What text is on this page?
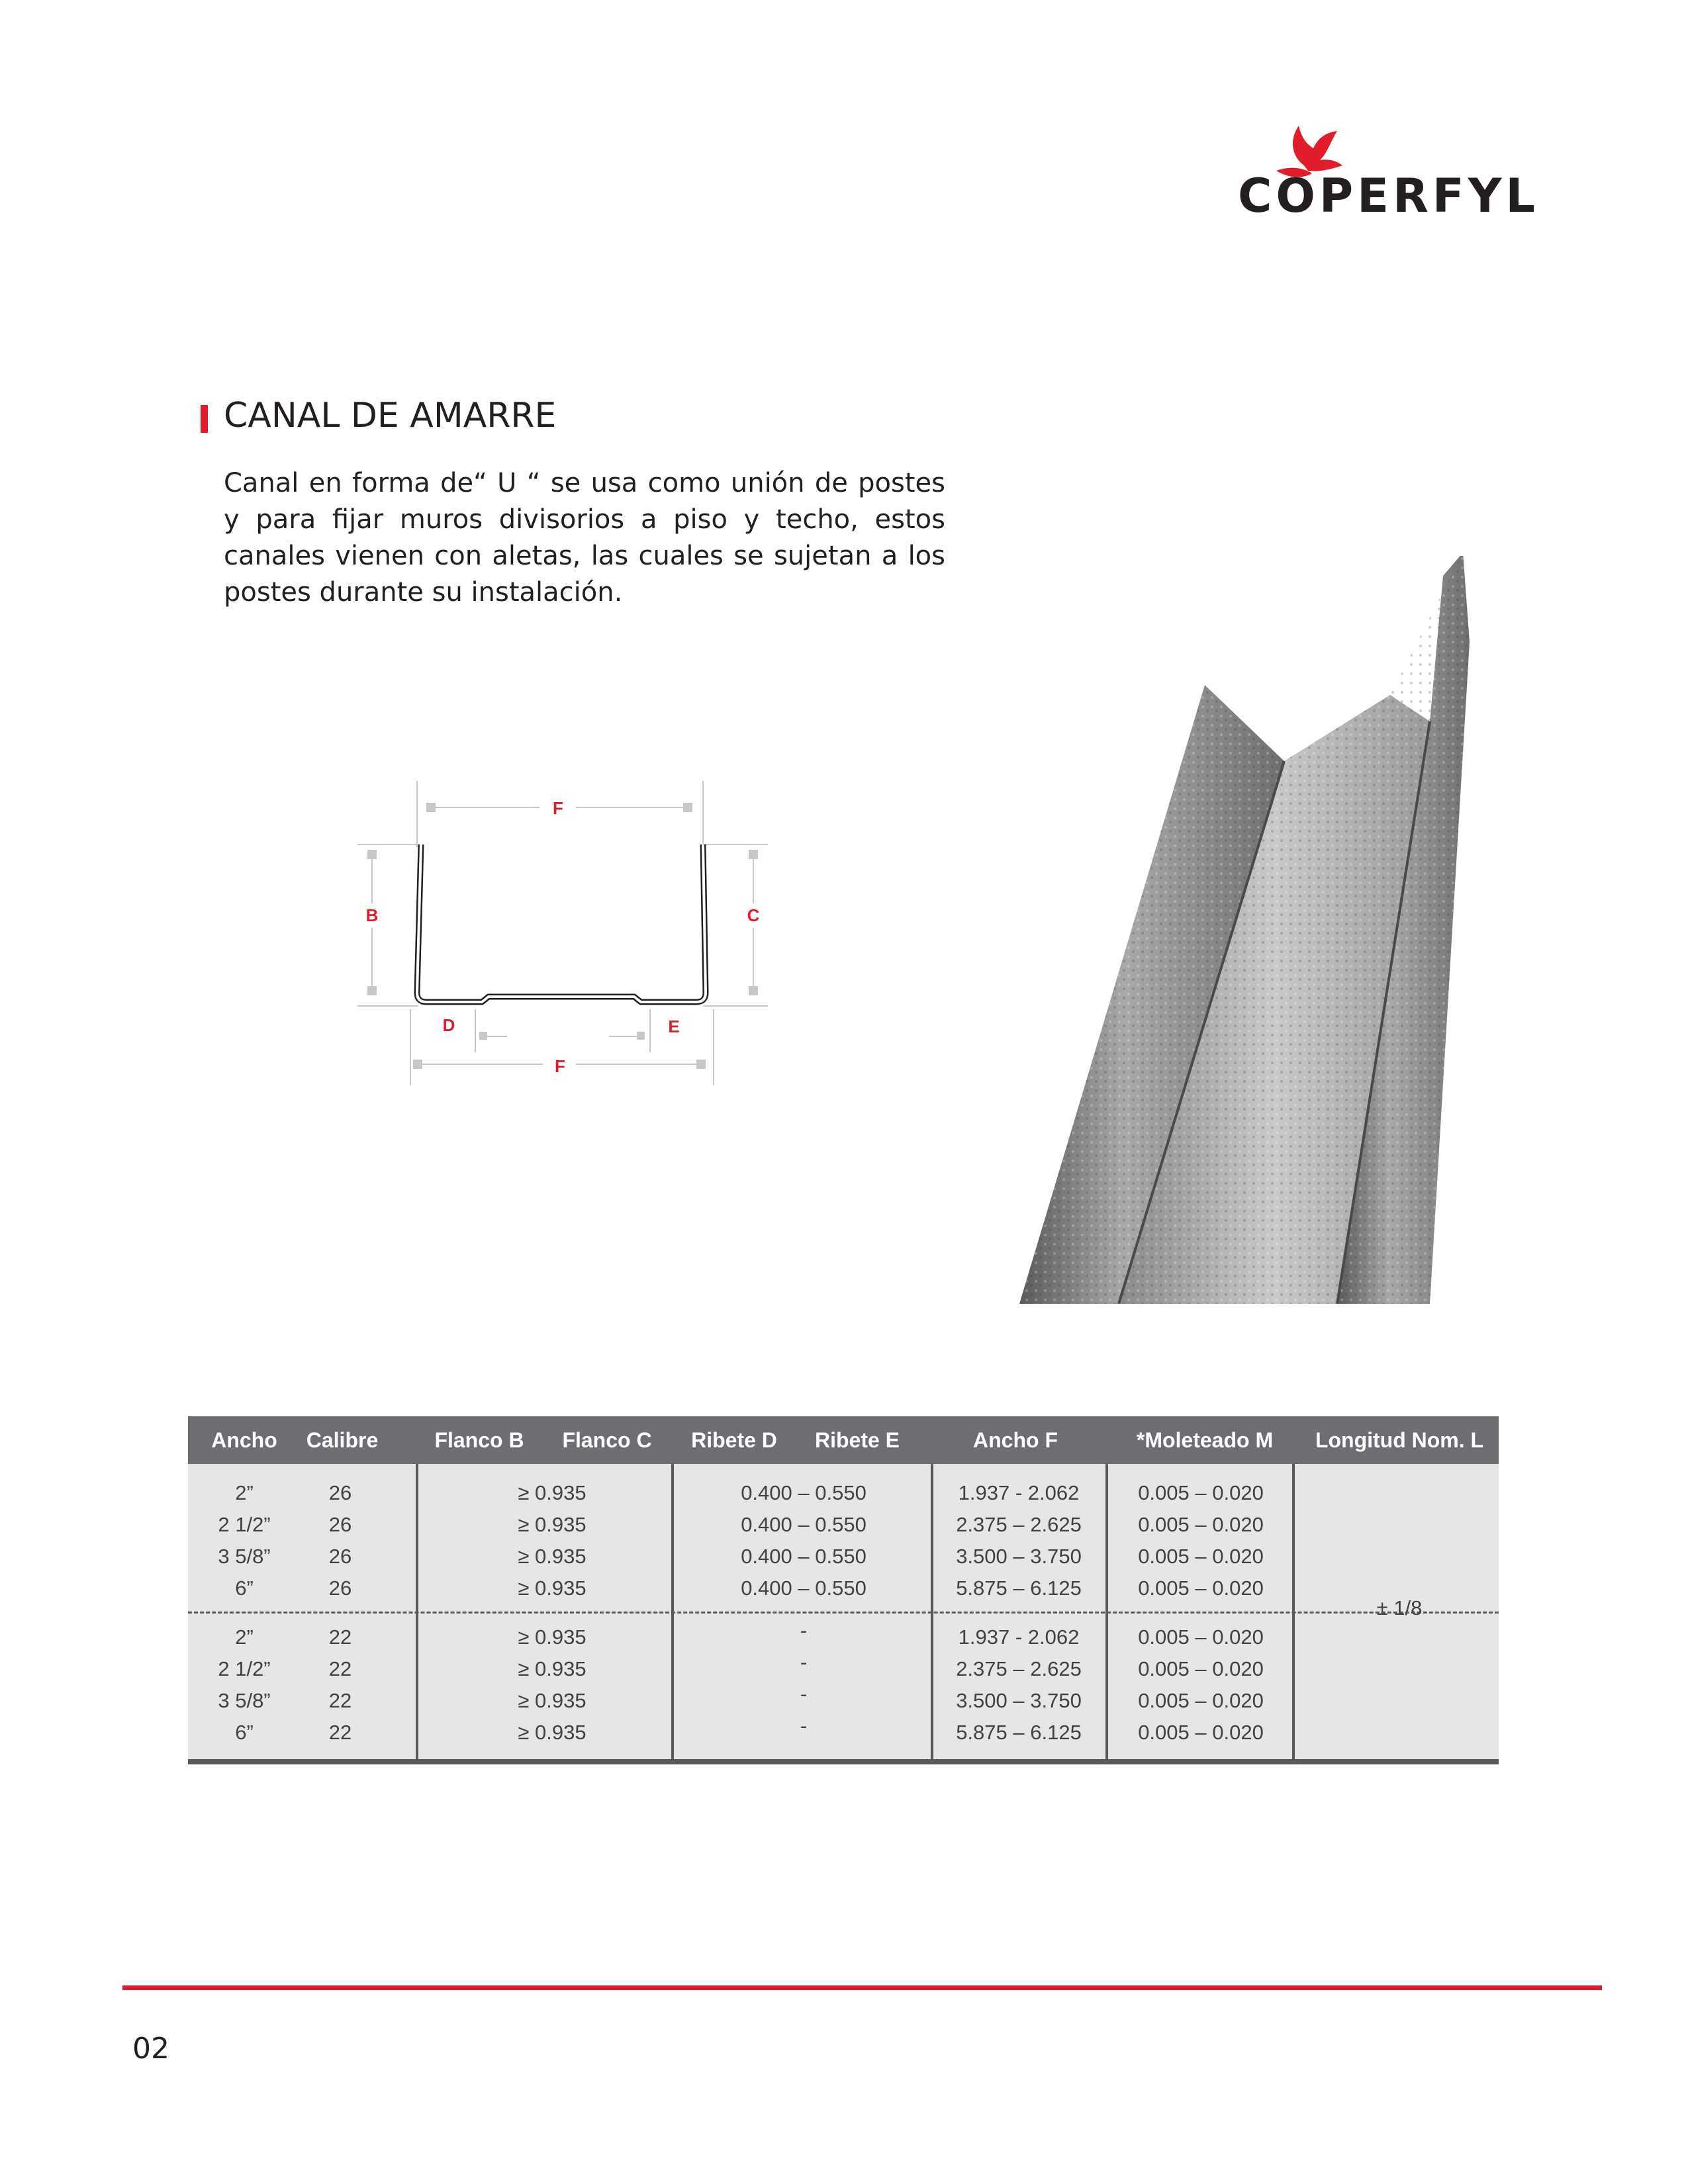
COPERFYL
CANAL DE AMARRE
Canal en forma de“ U “ se usa como unión de postes y para fijar muros divisorios a piso y techo, estos canales vienen con aletas, las cuales se sujetan a los postes durante su instalación.
F
B	C
D	E
F
Ancho	Calibre	Flanco B	Flanco C	Ribete D	Ribete E	Ancho F	*Moleteado M	Longitud Nom. L
2”	26	≥ 0.935	0.400 – 0.550	1.937 - 2.062	0.005 – 0.020
2 1/2”	26	≥ 0.935	0.400 – 0.550	2.375 – 2.625	0.005 – 0.020
3 5/8”	26	≥ 0.935	0.400 – 0.550	3.500 – 3.750	0.005 – 0.020
6”	26	≥ 0.935	0.400 – 0.550	5.875 – 6.125	0.005 – 0.020
2”	22	≥ 0.935	-	1.937 - 2.062	0.005 – 0.020
2 1/2”	22	≥ 0.935	-	2.375 – 2.625	0.005 – 0.020
3 5/8”	22	≥ 0.935	-	3.500 – 3.750	0.005 – 0.020
6”	22	≥ 0.935	-	5.875 – 6.125	0.005 – 0.020
± 1/8
02
